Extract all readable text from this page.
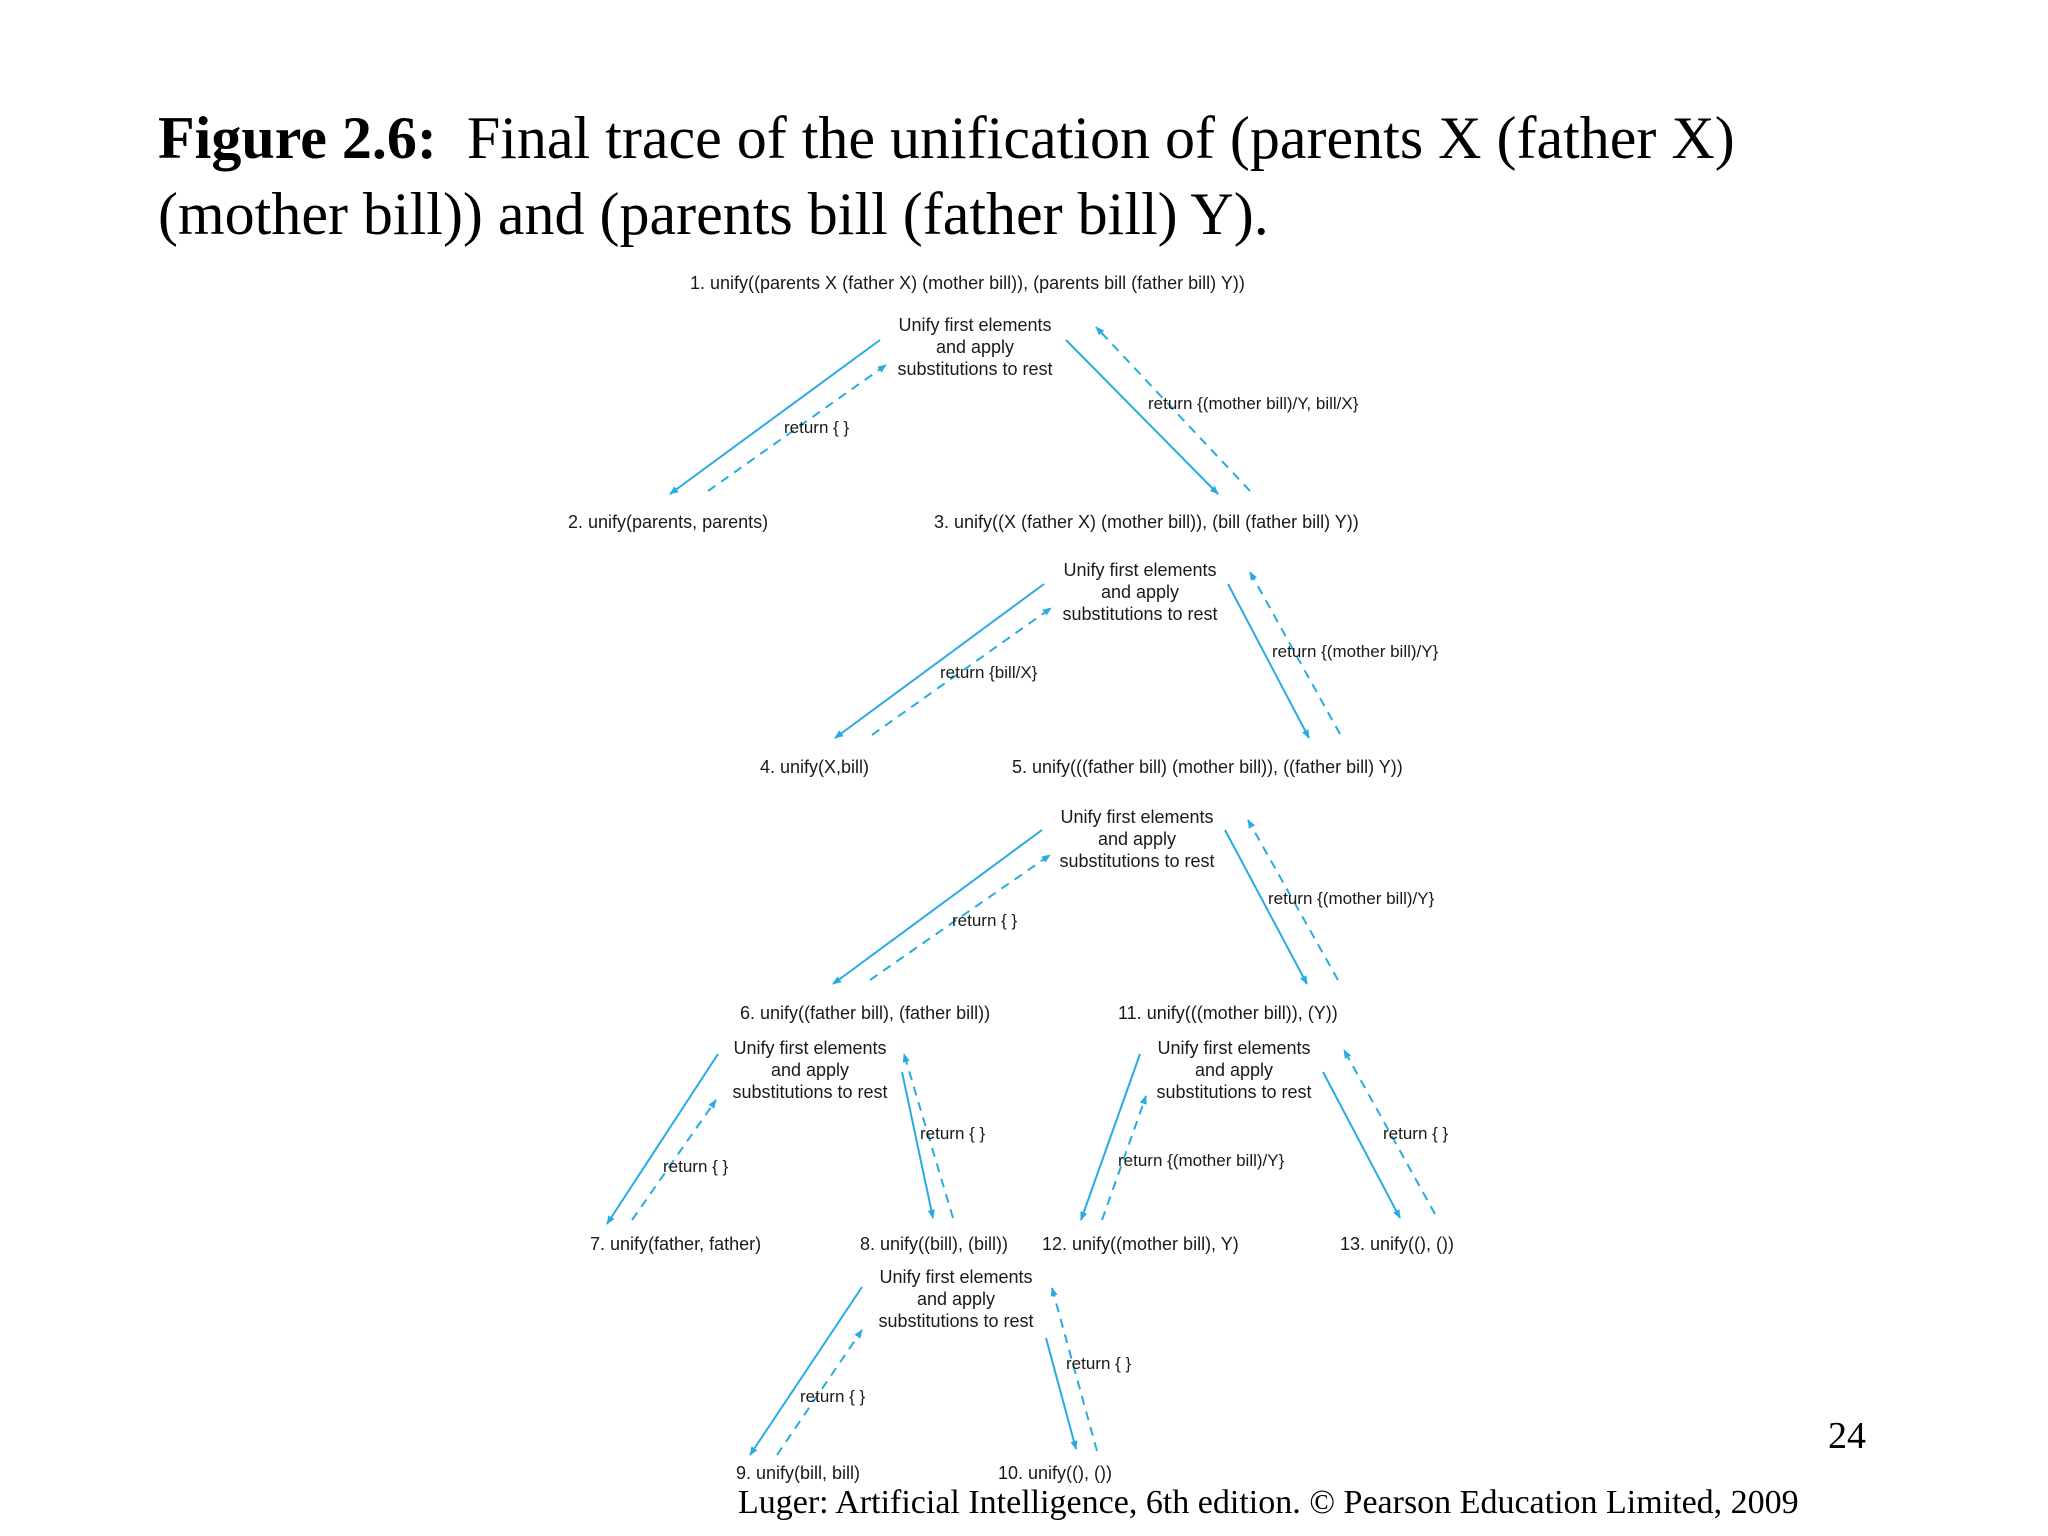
Figure 2.6: Final trace of the unification of (parents X (father X) (mother bill)) and (parents bill (father bill) Y).
1. unify((parents X (father X) (mother bill)), (parents bill (father bill) Y))
2. unify(parents, parents)	3. unify((X (father X) (mother bill)), (bill (father bill) Y))
4. unify(X,bill)	5. unify(((father bill) (mother bill)), ((father bill) Y))
6. unify((father bill), (father bill))	11. unify(((mother bill)), (Y))
7. unify(father, father)	8. unify((bill), (bill)) 12. unify((mother bill), Y)	13. unify((), ())
9. unify(bill, bill)	10. unify((), ())
Unify first elements
and apply
substitutions to rest
Unify first elements
and apply
substitutions to rest
Unify first elements
and apply
substitutions to rest
Unify first elements
and apply
substitutions to rest
Unify first elements
and apply
substitutions to rest
Unify first elements
and apply
substitutions to rest
return { }
return {(mother bill)/Y, bill/X}
return {bill/X}
return {(mother bill)/Y}
return { }
return {(mother bill)/Y}
return { }
return { }	return {(mother bill)/Y}
return { }
return { }
return { }
24
Luger: Artificial Intelligence, 6th edition. © Pearson Education Limited, 2009
